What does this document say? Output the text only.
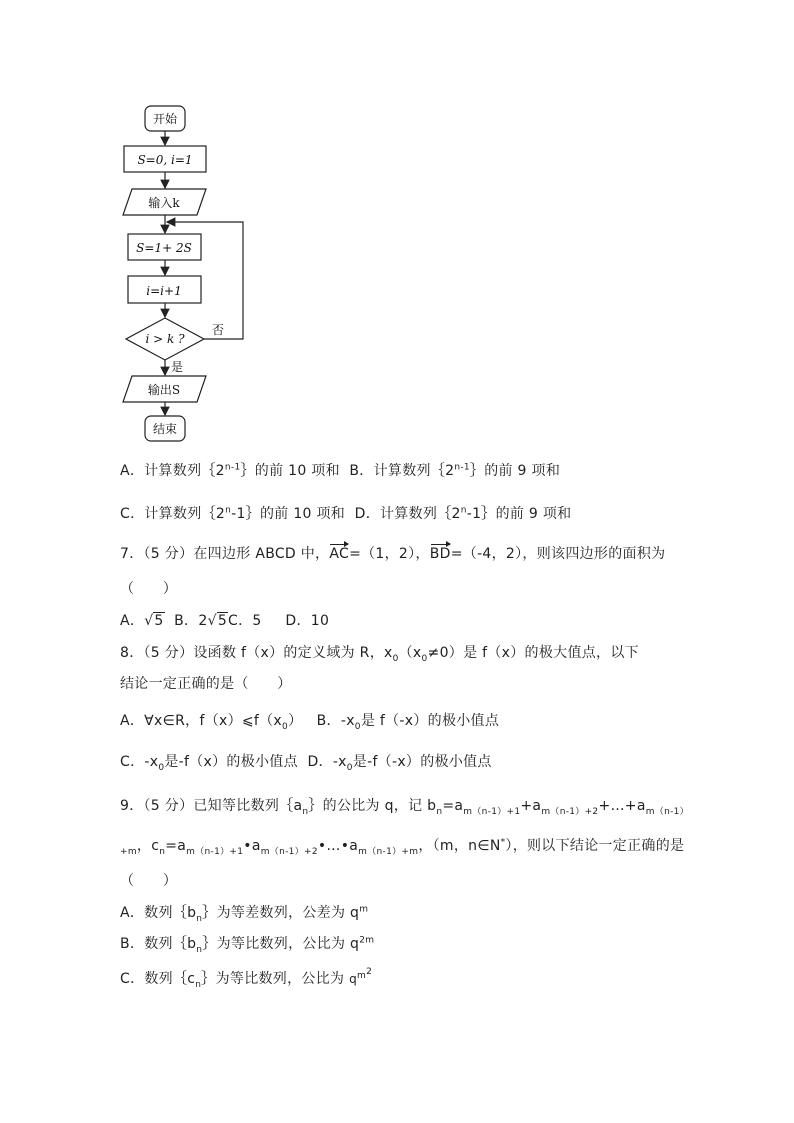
开始
S=0, i=1
输入k
S=1+ 2S
i=i+1
i > k ?
否
是
输出S
结束
A．计算数列｛2$^{n-1}$｝的前 10 项和 B．计算数列｛2$^{n-1}$｝的前 9 项和
C．计算数列｛2$^n$-1｝的前 10 项和 D．计算数列｛2$^n$-1｝的前 9 项和
7．（5 分）在四边形 ABCD 中，AC=（1，2），BD=（-4，2），则该四边形的面积为
（　　）
A．√5 B．2√5C．5 D．10
8．（5 分）设函数 f（x）的定义域为 R，$x_0(x_0\ne 0)$是 f（x）的极大值点，以下
结论一定正确的是（　　）
A．∀x∈R，$f(x)⩽f(x_0)$ B．$-x_0$是 f（-x）的极小值点
C．$-x_0$是-f（x）的极小值点 D．$-x_0$是-f（-x）的极小值点
9．（5 分）已知等比数列$\{a_n\}$的公比为 q，记 $b_n=a_{m(n-1)+1}+a_{m(n-1)+2}+\dots+a_{m(n-1)}$
$_{+m}$，$c_n=a_{m(n-1)+1}•a_{m(n-1)+2}•\dots•a_{m(n-1)+m}$，（m，n∈N*），则以下结论一定正确的是
（　　）
A．数列$\{b_n\}$为等差数列，公差为 $q^m$
B．数列$\{b_n\}$为等比数列，公比为 $q^{2m}$
C．数列$\{c_n\}$为等比数列，公比为 $q^{m^2}$
